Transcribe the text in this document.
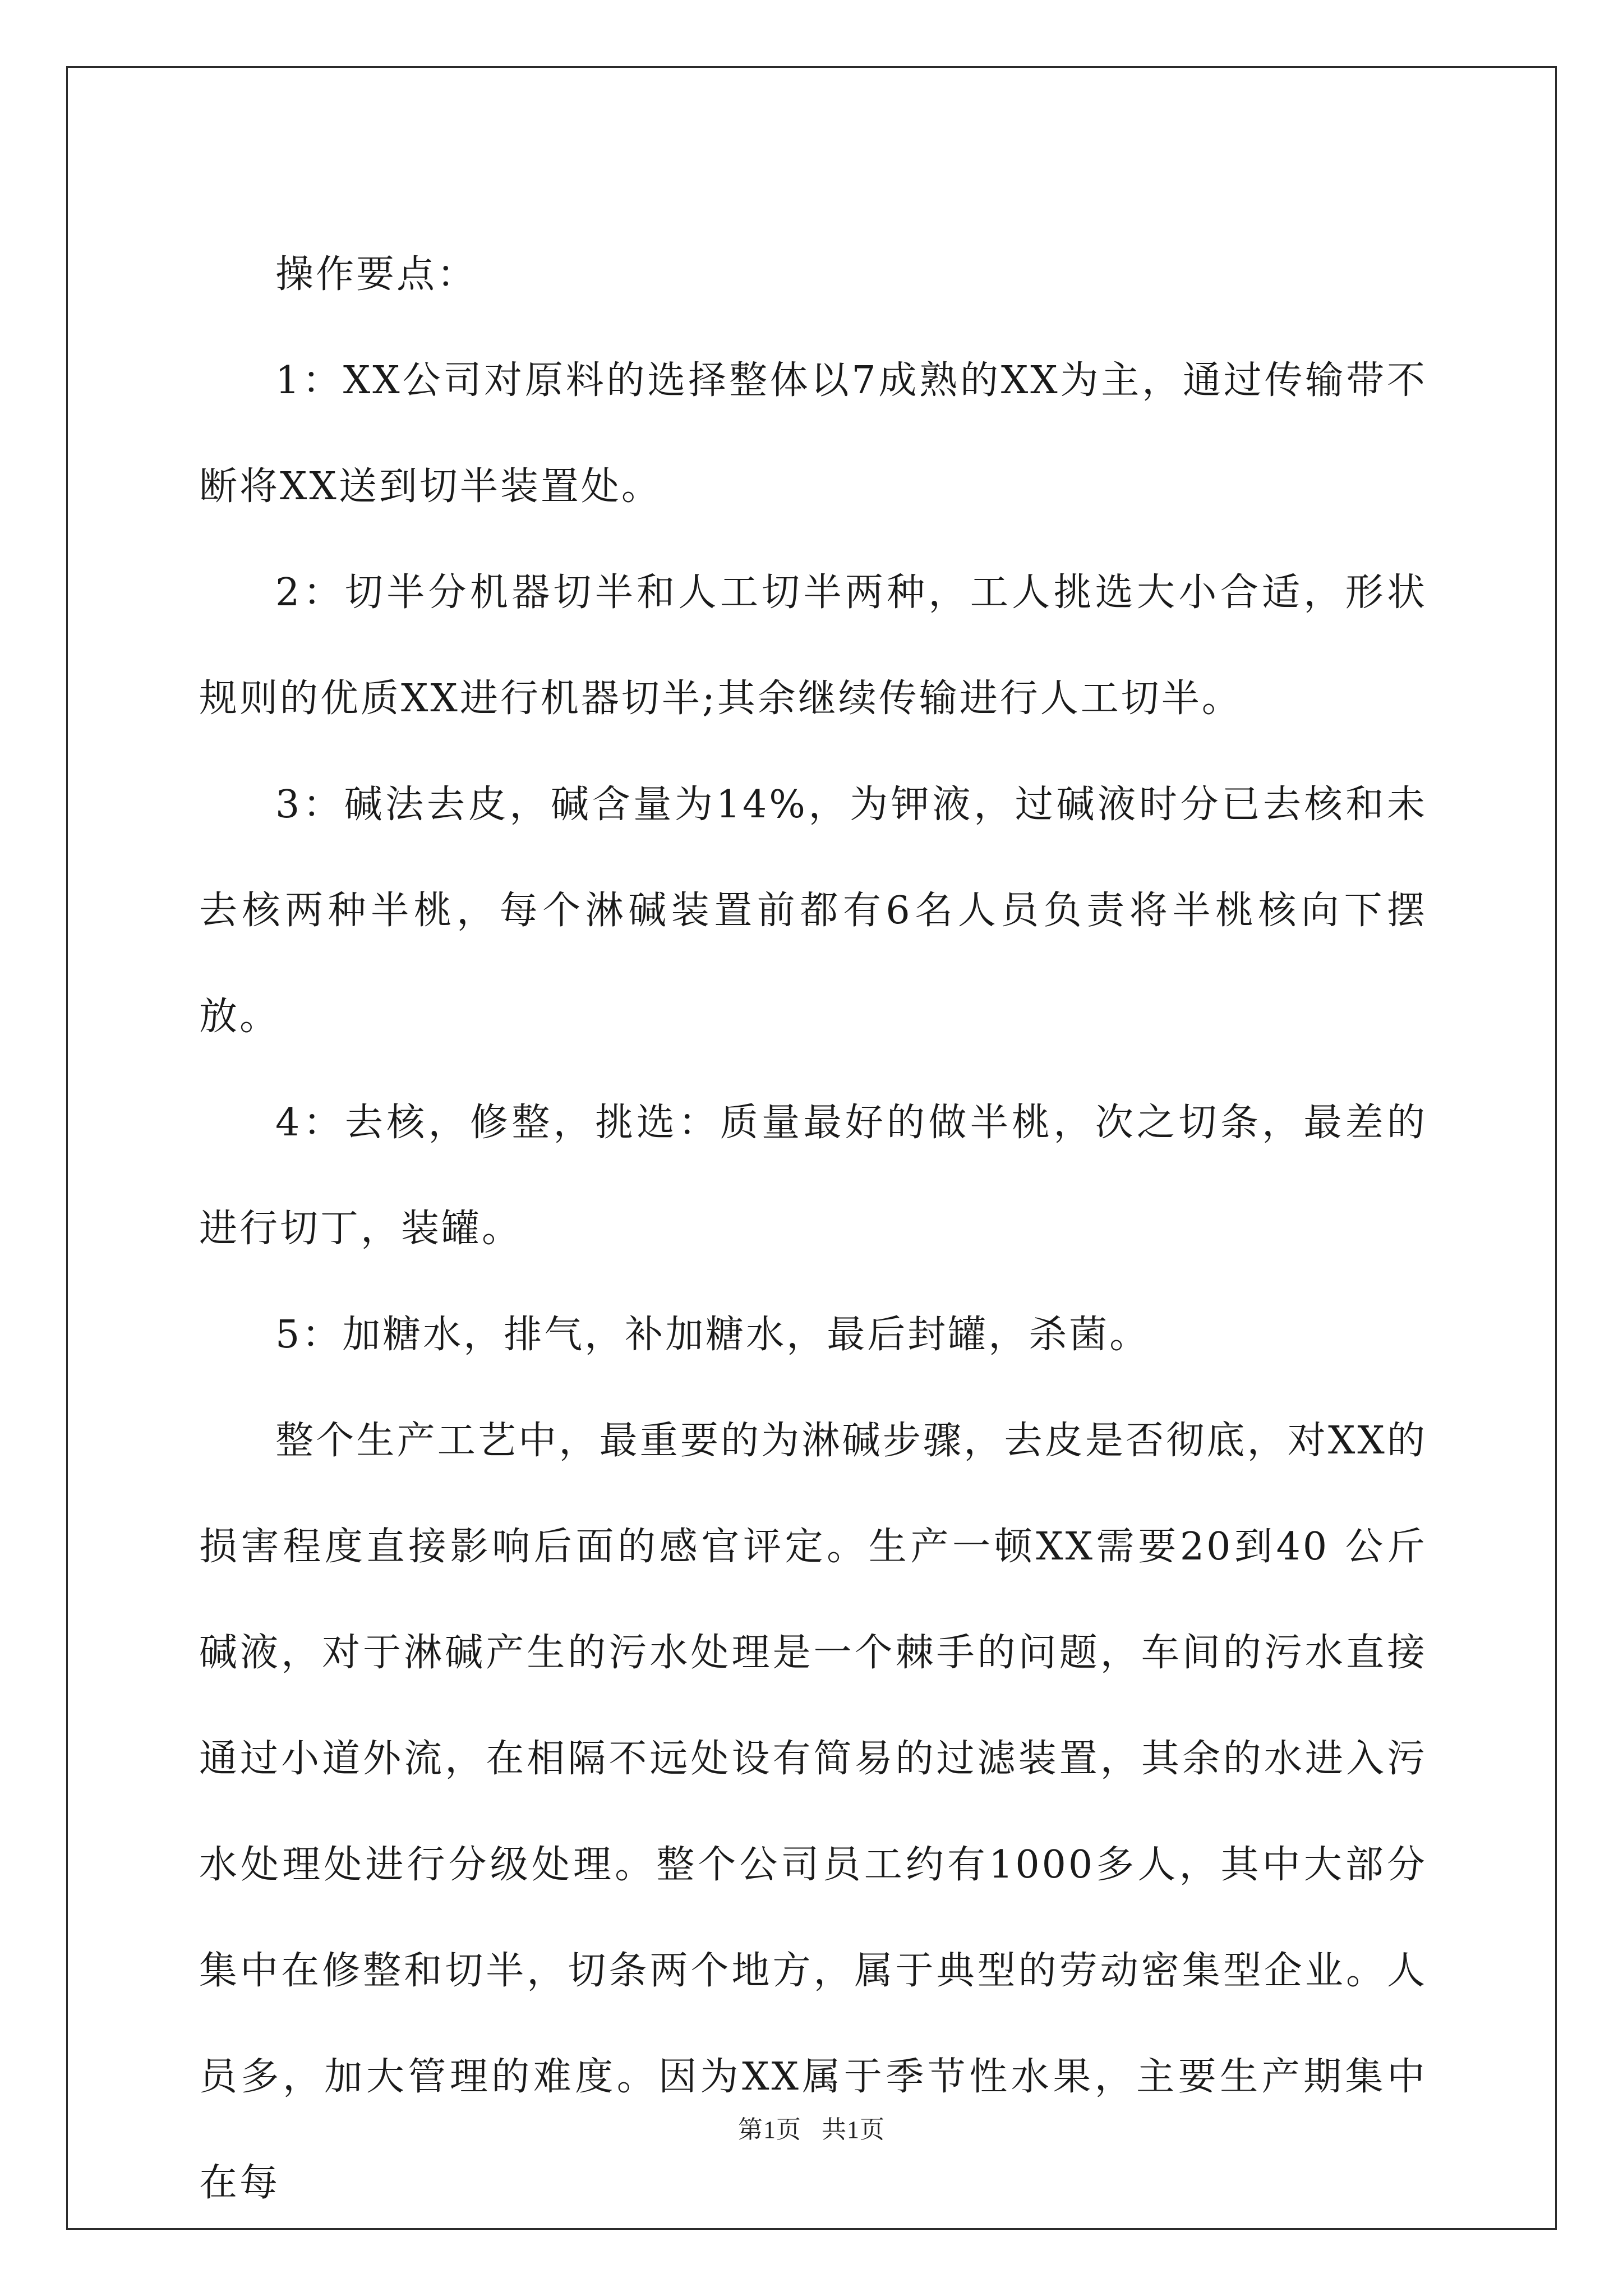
操作要点：

1：XX公司对原料的选择整体以7成熟的XX为主，通过传输带不断将XX送到切半装置处。

2：切半分机器切半和人工切半两种，工人挑选大小合适，形状规则的优质XX进行机器切半;其余继续传输进行人工切半。

3：碱法去皮，碱含量为14%，为钾液，过碱液时分已去核和未去核两种半桃，每个淋碱装置前都有6名人员负责将半桃核向下摆放。

4：去核，修整，挑选：质量最好的做半桃，次之切条，最差的进行切丁，装罐。

5：加糖水，排气，补加糖水，最后封罐，杀菌。

整个生产工艺中，最重要的为淋碱步骤，去皮是否彻底，对XX的损害程度直接影响后面的感官评定。生产一顿XX需要20到40 公斤碱液，对于淋碱产生的污水处理是一个棘手的问题，车间的污水直接通过小道外流，在相隔不远处设有简易的过滤装置，其余的水进入污水处理处进行分级处理。整个公司员工约有1000多人，其中大部分集中在修整和切半，切条两个地方，属于典型的劳动密集型企业。人员多，加大管理的难度。因为XX属于季节性水果，主要生产期集中在每

第1页 共1页
